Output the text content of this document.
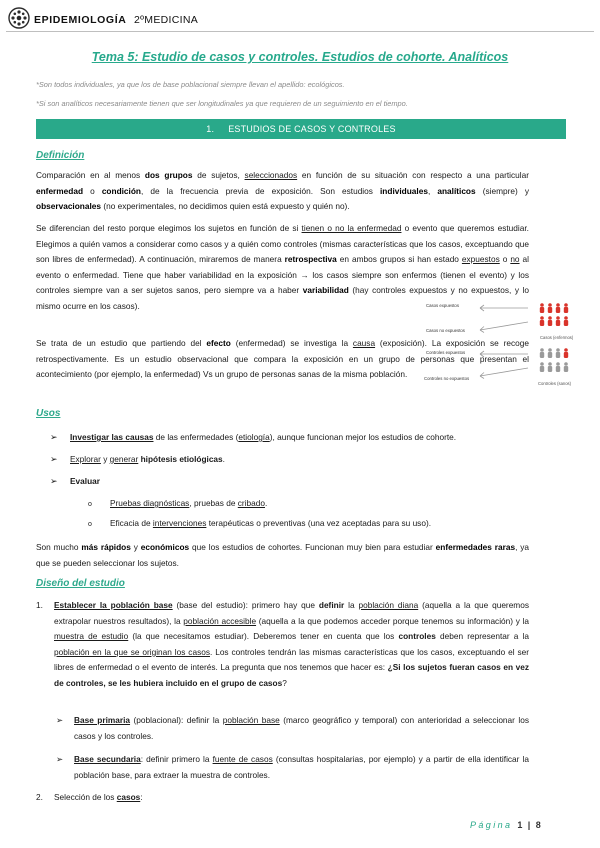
EPIDEMIOLOGÍA 2ºMEDICINA
Tema 5: Estudio de casos y controles. Estudios de cohorte. Analíticos
*Son todos individuales, ya que los de base poblacional siempre llevan el apellido: ecológicos.
*Si son analíticos necesariamente tienen que ser longitudinales ya que requieren de un seguimiento en el tiempo.
1. ESTUDIOS DE CASOS Y CONTROLES
Definición
Comparación en al menos dos grupos de sujetos, seleccionados en función de su situación con respecto a una particular enfermedad o condición, de la frecuencia previa de exposición. Son estudios individuales, analíticos (siempre) y observacionales (no experimentales, no decidimos quien está expuesto y quién no).
Se diferencian del resto porque elegimos los sujetos en función de si tienen o no la enfermedad o evento que queremos estudiar. Elegimos a quién vamos a considerar como casos y a quién como controles (mismas características que los casos, exceptuando que son libres de enfermedad). A continuación, miraremos de manera retrospectiva en ambos grupos si han estado expuestos o no al evento o enfermedad. Tiene que haber variabilidad en la exposición → los casos siempre son enfermos (tienen el evento) y los controles siempre van a ser sujetos sanos, pero siempre va a haber variabilidad (hay controles expuestos y no expuestos, y lo mismo ocurre en los casos).
Se trata de un estudio que partiendo del efecto (enfermedad) se investiga la causa (exposición). La exposición se recoge retrospectivamente. Es un estudio observacional que compara la exposición en un grupo de personas que presentan el acontecimiento (por ejemplo, la enfermedad) Vs un grupo de personas sanas de la misma población.
Casos expuestos
Casos no expuestos
Controles expuestos
Controles no expuestos
Casos (enfermos)
Controles (sanos)
Usos
➢ Investigar las causas de las enfermedades (etiología), aunque funcionan mejor los estudios de cohorte.
➢ Explorar y generar hipótesis etiológicas.
➢ Evaluar
o Pruebas diagnósticas, pruebas de cribado.
o Eficacia de intervenciones terapéuticas o preventivas (una vez aceptadas para su uso).
Son mucho más rápidos y económicos que los estudios de cohortes. Funcionan muy bien para estudiar enfermedades raras, ya que se pueden seleccionar los sujetos.
Diseño del estudio
1. Establecer la población base (base del estudio): primero hay que definir la población diana (aquella a la que queremos extrapolar nuestros resultados), la población accesible (aquella a la que podemos acceder porque tenemos su información) y la muestra de estudio (la que necesitamos estudiar). Deberemos tener en cuenta que los controles deben representar a la población en la que se originan los casos. Los controles tendrán las mismas características que los casos, exceptuando el ser libres de enfermedad o el evento de interés. La pregunta que nos tenemos que hacer es: ¿Si los sujetos fueran casos en vez de controles, se les hubiera incluido en el grupo de casos?
➢ Base primaria (poblacional): definir la población base (marco geográfico y temporal) con anterioridad a seleccionar los casos y los controles.
➢ Base secundaria: definir primero la fuente de casos (consultas hospitalarias, por ejemplo) y a partir de ella identificar la población base, para extraer la muestra de controles.
2. Selección de los casos:
Página 1 | 8
